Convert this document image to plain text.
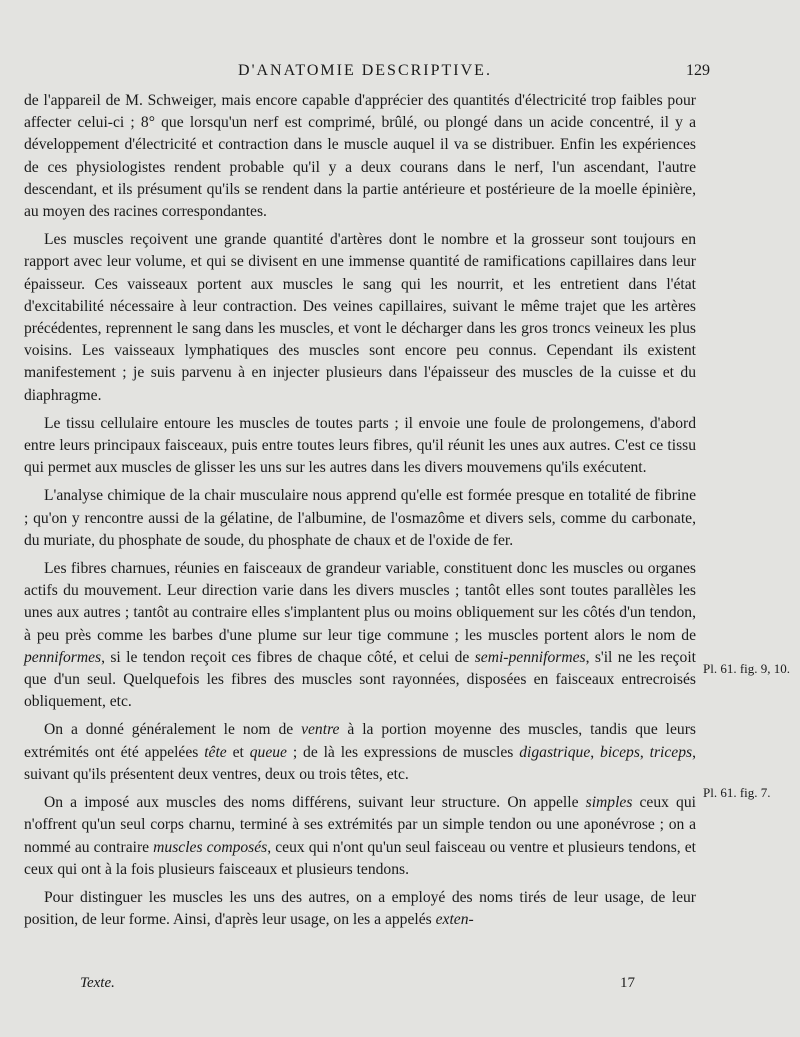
D'ANATOMIE DESCRIPTIVE.	129

de l'appareil de M. Schweiger, mais encore capable d'apprécier des quantités d'électricité trop faibles pour affecter celui-ci ; 8° que lorsqu'un nerf est comprimé, brûlé, ou plongé dans un acide concentré, il y a développement d'électricité et contraction dans le muscle auquel il va se distribuer. Enfin les expériences de ces physiologistes rendent probable qu'il y a deux courans dans le nerf, l'un ascendant, l'autre descendant, et ils présument qu'ils se rendent dans la partie antérieure et postérieure de la moelle épinière, au moyen des racines correspondantes.

Les muscles reçoivent une grande quantité d'artères dont le nombre et la grosseur sont toujours en rapport avec leur volume, et qui se divisent en une immense quantité de ramifications capillaires dans leur épaisseur. Ces vaisseaux portent aux muscles le sang qui les nourrit, et les entretient dans l'état d'excitabilité nécessaire à leur contraction. Des veines capillaires, suivant le même trajet que les artères précédentes, reprennent le sang dans les muscles, et vont le décharger dans les gros troncs veineux les plus voisins. Les vaisseaux lymphatiques des muscles sont encore peu connus. Cependant ils existent manifestement ; je suis parvenu à en injecter plusieurs dans l'épaisseur des muscles de la cuisse et du diaphragme.

Le tissu cellulaire entoure les muscles de toutes parts ; il envoie une foule de prolongemens, d'abord entre leurs principaux faisceaux, puis entre toutes leurs fibres, qu'il réunit les unes aux autres. C'est ce tissu qui permet aux muscles de glisser les uns sur les autres dans les divers mouvemens qu'ils exécutent.

L'analyse chimique de la chair musculaire nous apprend qu'elle est formée presque en totalité de fibrine ; qu'on y rencontre aussi de la gélatine, de l'albumine, de l'osmazôme et divers sels, comme du carbonate, du muriate, du phosphate de soude, du phosphate de chaux et de l'oxide de fer.

Les fibres charnues, réunies en faisceaux de grandeur variable, constituent donc les muscles ou organes actifs du mouvement. Leur direction varie dans les divers muscles ; tantôt elles sont toutes parallèles les unes aux autres ; tantôt au contraire elles s'implantent plus ou moins obliquement sur les côtés d'un tendon, à peu près comme les barbes d'une plume sur leur tige commune ; les muscles portent alors le nom de penniformes, si le tendon reçoit ces fibres de chaque côté, et celui de semi-penniformes, s'il ne les reçoit que d'un seul. Quelquefois les fibres des muscles sont rayonnées, disposées en faisceaux entrecroisés obliquement, etc.

On a donné généralement le nom de ventre à la portion moyenne des muscles, tandis que leurs extrémités ont été appelées tête et queue ; de là les expressions de muscles digastrique, biceps, triceps, suivant qu'ils présentent deux ventres, deux ou trois têtes, etc.

On a imposé aux muscles des noms différens, suivant leur structure. On appelle simples ceux qui n'offrent qu'un seul corps charnu, terminé à ses extrémités par un simple tendon ou une aponévrose ; on a nommé au contraire muscles composés, ceux qui n'ont qu'un seul faisceau ou ventre et plusieurs tendons, et ceux qui ont à la fois plusieurs faisceaux et plusieurs tendons.

Pour distinguer les muscles les uns des autres, on a employé des noms tirés de leur usage, de leur position, de leur forme. Ainsi, d'après leur usage, on les a appelés exten-

Pl. 61. fig. 9, 10.
Pl. 61. fig. 7.
Texte.	17
